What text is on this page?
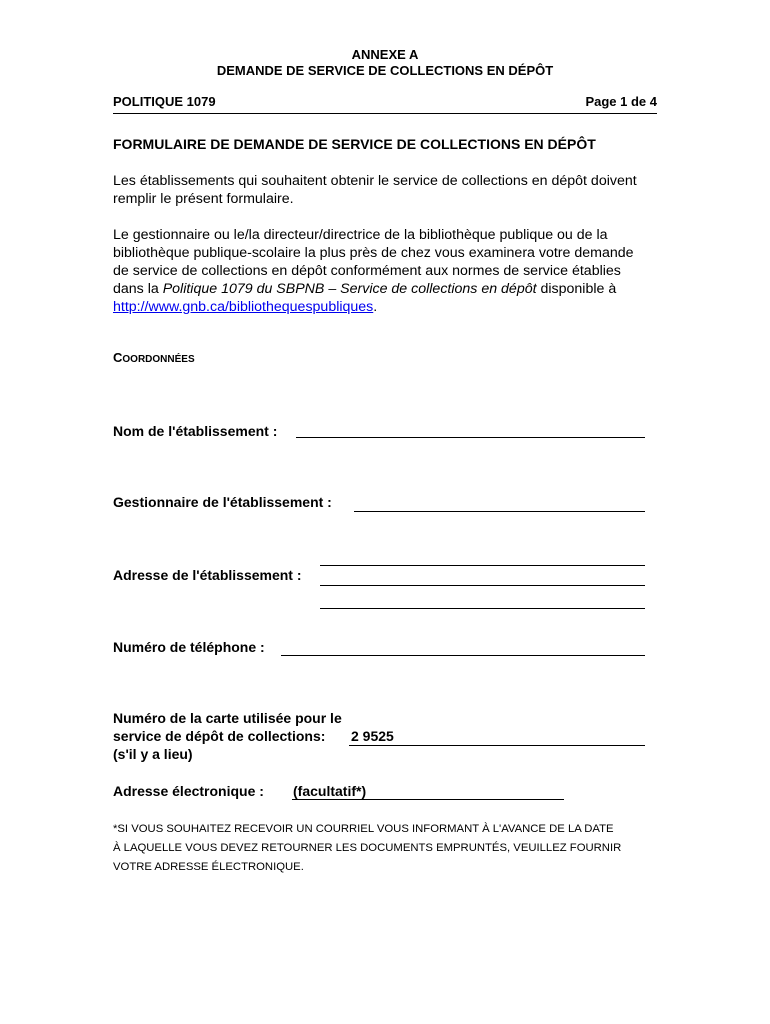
ANNEXE A
DEMANDE DE SERVICE DE COLLECTIONS EN DÉPÔT
POLITIQUE 1079	Page 1 de 4
FORMULAIRE DE DEMANDE DE SERVICE DE COLLECTIONS EN DÉPÔT
Les établissements qui souhaitent obtenir le service de collections en dépôt doivent remplir le présent formulaire.
Le gestionnaire ou le/la directeur/directrice de la bibliothèque publique ou de la bibliothèque publique-scolaire la plus près de chez vous examinera votre demande de service de collections en dépôt conformément aux normes de service établies dans la Politique 1079 du SBPNB – Service de collections en dépôt disponible à http://www.gnb.ca/bibliothequespubliques.
COORDONNÉES
Nom de l'établissement :
Gestionnaire de l'établissement :
Adresse de l'établissement :
Numéro de téléphone :
Numéro de la carte utilisée pour le
service de dépôt de collections:
(s'il y a lieu)
2 9525
Adresse électronique : (facultatif*)
*SI VOUS SOUHAITEZ RECEVOIR UN COURRIEL VOUS INFORMANT À L'AVANCE DE LA DATE
À LAQUELLE VOUS DEVEZ RETOURNER LES DOCUMENTS EMPRUNTÉS, VEUILLEZ FOURNIR
VOTRE ADRESSE ÉLECTRONIQUE.
